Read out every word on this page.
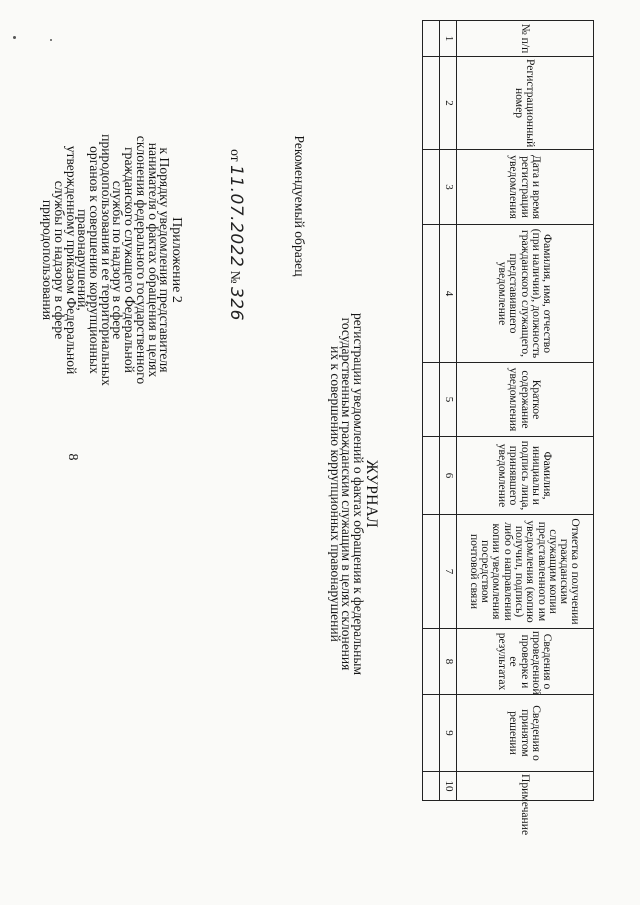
8
Приложение 2
к Порядку уведомления представителя
нанимателя о фактах обращения в целях
склонения федерального государственного
гражданского служащего Федеральной
службы по надзору в сфере
природопользования и ее территориальных
органов к совершению коррупционных
правонарушений,
утвержденному приказом Федеральной
службы по надзору в сфере
природопользования
от 11.07.2022 № 326
Рекомендуемый образец
ЖУРНАЛ
регистрации уведомлений о фактах обращения к федеральным
государственным гражданским служащим в целях склонения
их к совершению коррупционных правонарушений
№ п/п	Регистрационный номер	Дата и время регистрации уведомления	Фамилия, имя, отчество (при наличии), должность гражданского служащего, представившего уведомление	Краткое содержание уведомления	Фамилия, инициалы и подпись лица, принявшего уведомление	Отметка о получении гражданским служащим копии представленного им уведомления (копию получил, подпись) либо о направлении копии уведомления посредством почтовой связи	Сведения о проведенной проверке и ее результатах	Сведения о принятом решении	Примечание
1	2	3	4	5	6	7	8	9	10
